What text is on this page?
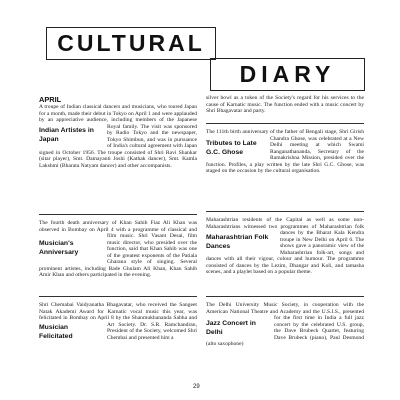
CULTURAL
DIARY
APRIL
Indian Artistes in Japan

A troupe of Indian classical dancers and musicians, who toured Japan for a month, made their debut in Tokyo on April 1 and were applauded by an appreciative audience, including members of the Japanese Royal family. The visit was sponsored by Radio Tokyo and the newspaper, Tokyo Shimbun, and was in pursuance of India's cultural agreement with Japan signed in October 1956. The troupe consisted of Shri Ravi Shankar (sitar player), Smt. Damayanti Joshi (Kathak dancer), Smt. Kamla Lakshmi (Bharata Natyam dancer) and other accompanists.

Musician's Anniversary

The fourth death anniversary of Khan Sahib Fiaz Ali Khan was observed in Bombay on April 4 with a programme of classical and film music. Shri Vasant Desai, film music director, who presided over the function, said that Khan Sahib was one of the greatest exponents of the Patiala Gharana style of singing. Several prominent artistes, including Bade Ghulam Ali Khan, Khan Sahib Amir Khan and others participated in the evening.

Musician Felicitated

Shri Chemabai Vaidyanatha Bhagavatar, who received the Sangeet Natak Akademi Award for Karnatic vocal music this year, was felicitated in Bombay on April 8 by the Shanmukhananda Sabha and Art Society. Dr. S.R. Ramchandran, President of the Society, welcomed Shri Chembai and presented him a

silver bowl as a token of the Society's regard for his services to the cause of Karnatic music. The function ended with a music concert by Shri Bhagavatar and party.

Tributes to Late G.C. Ghose

The 111th birth anniversary of the father of Bengali stage, Shri Girish Chandra Ghose, was celebrated at a New Delhi meeting at which Swami Ranganathananda, Secretary of the Ramakrishna Mission, presided over the function. Profiles, a play written by the late Shri G.C. Ghose, was staged on the occasion by the cultural organisation.

Maharashtrian Folk Dances

Maharashtrian residents of the Capital as well as some non-Maharashtrians witnessed two programmes of Maharashtrian folk dances by the Bharat Kala Kendra troupe in New Delhi on April 6. The shows gave a panoramic view of the Maharashtrian folk-art, songs and dances with all their vigour, colour and humour. The programme consisted of dances by the Lezim, Dhangar and Koli, and tamasha scenes, and a playlet based on a popular theme.

Jazz Concert in Delhi

The Delhi University Music Society, in cooperation with the American National Theatre and Academy and the U.S.I.S., presented for the first time in India a full jazz concert by the celebrated U.S. group, the Dave Brubeck Quartet, featuring Dave Brubeck (piano), Paul Desmond (alto saxophone)

29
